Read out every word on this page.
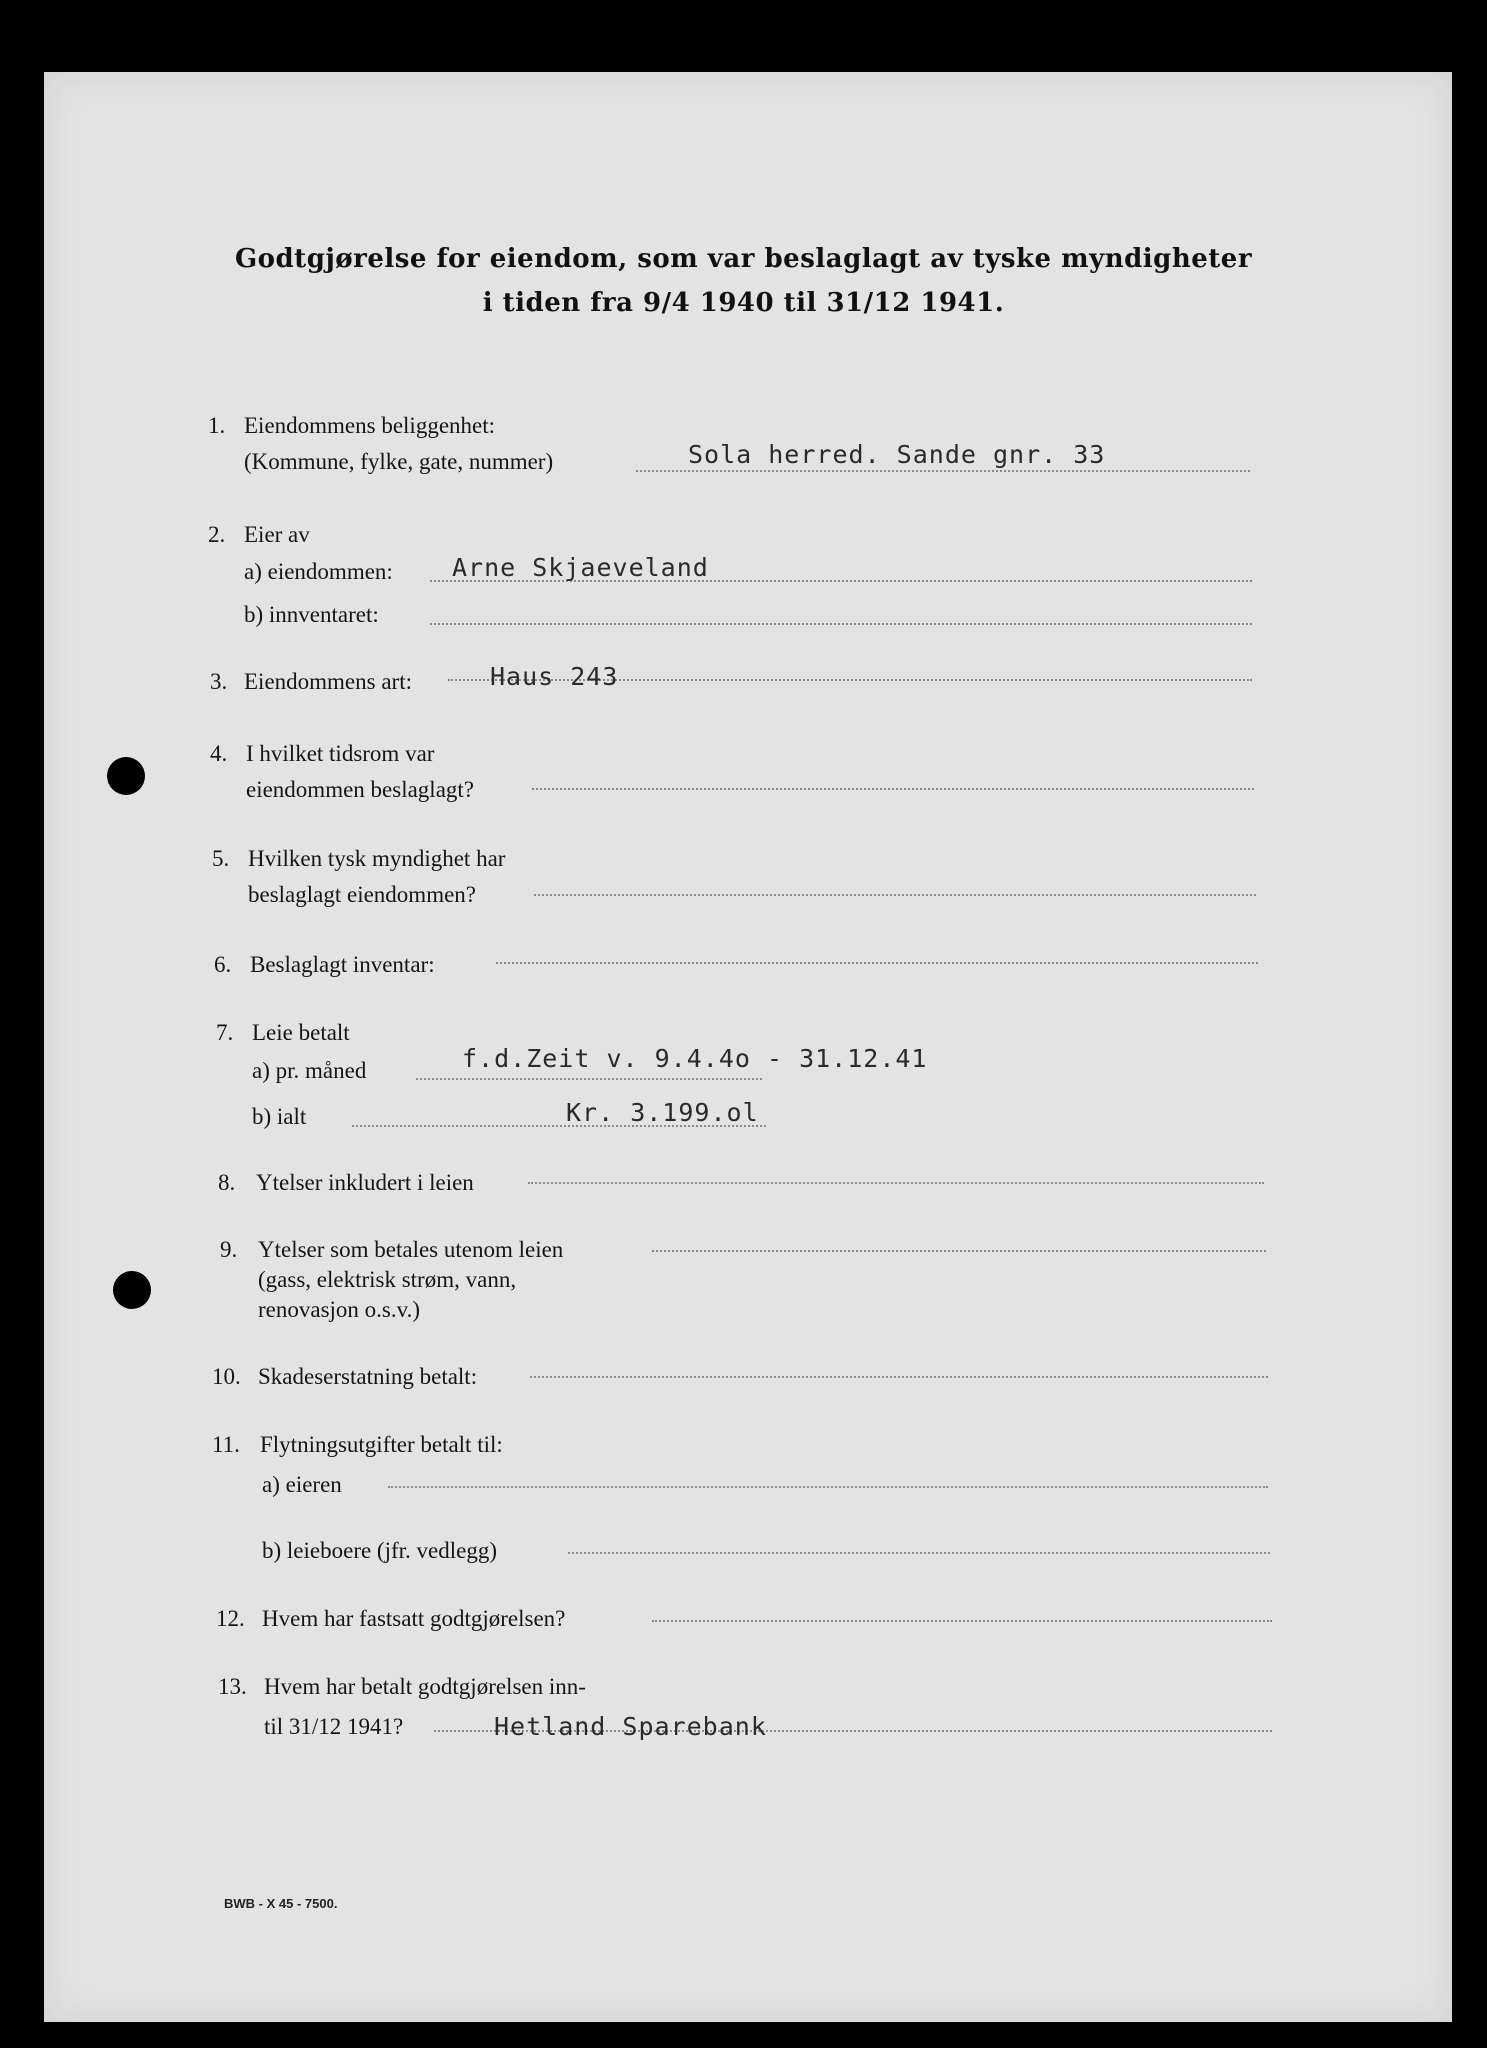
Godtgjørelse for eiendom, som var beslaglagt av tyske myndigheter
i tiden fra 9/4 1940 til 31/12 1941.
1. Eiendommens beliggenhet:
(Kommune, fylke, gate, nummer)	Sola herred. Sande gnr. 33
2. Eier av
a) eiendommen: Arne Skjaeveland
b) innventaret:
3. Eiendommens art:	Haus 243
4. I hvilket tidsrom var
eiendommen beslaglagt?
5. Hvilken tysk myndighet har
beslaglagt eiendommen?
6. Beslaglagt inventar:
7. Leie betalt
a) pr. måned	f.d.Zeit v. 9.4.4o - 31.12.41
b) ialt	Kr. 3.199.ol
8. Ytelser inkludert i leien
9. Ytelser som betales utenom leien
(gass, elektrisk strøm, vann,
renovasjon o.s.v.)
10. Skadeserstatning betalt:
11. Flytningsutgifter betalt til:
a) eieren
b) leieboere (jfr. vedlegg)
12. Hvem har fastsatt godtgjørelsen?
13. Hvem har betalt godtgjørelsen inn-
til 31/12 1941?	Hetland Sparebank
BWB - X 45 - 7500.
